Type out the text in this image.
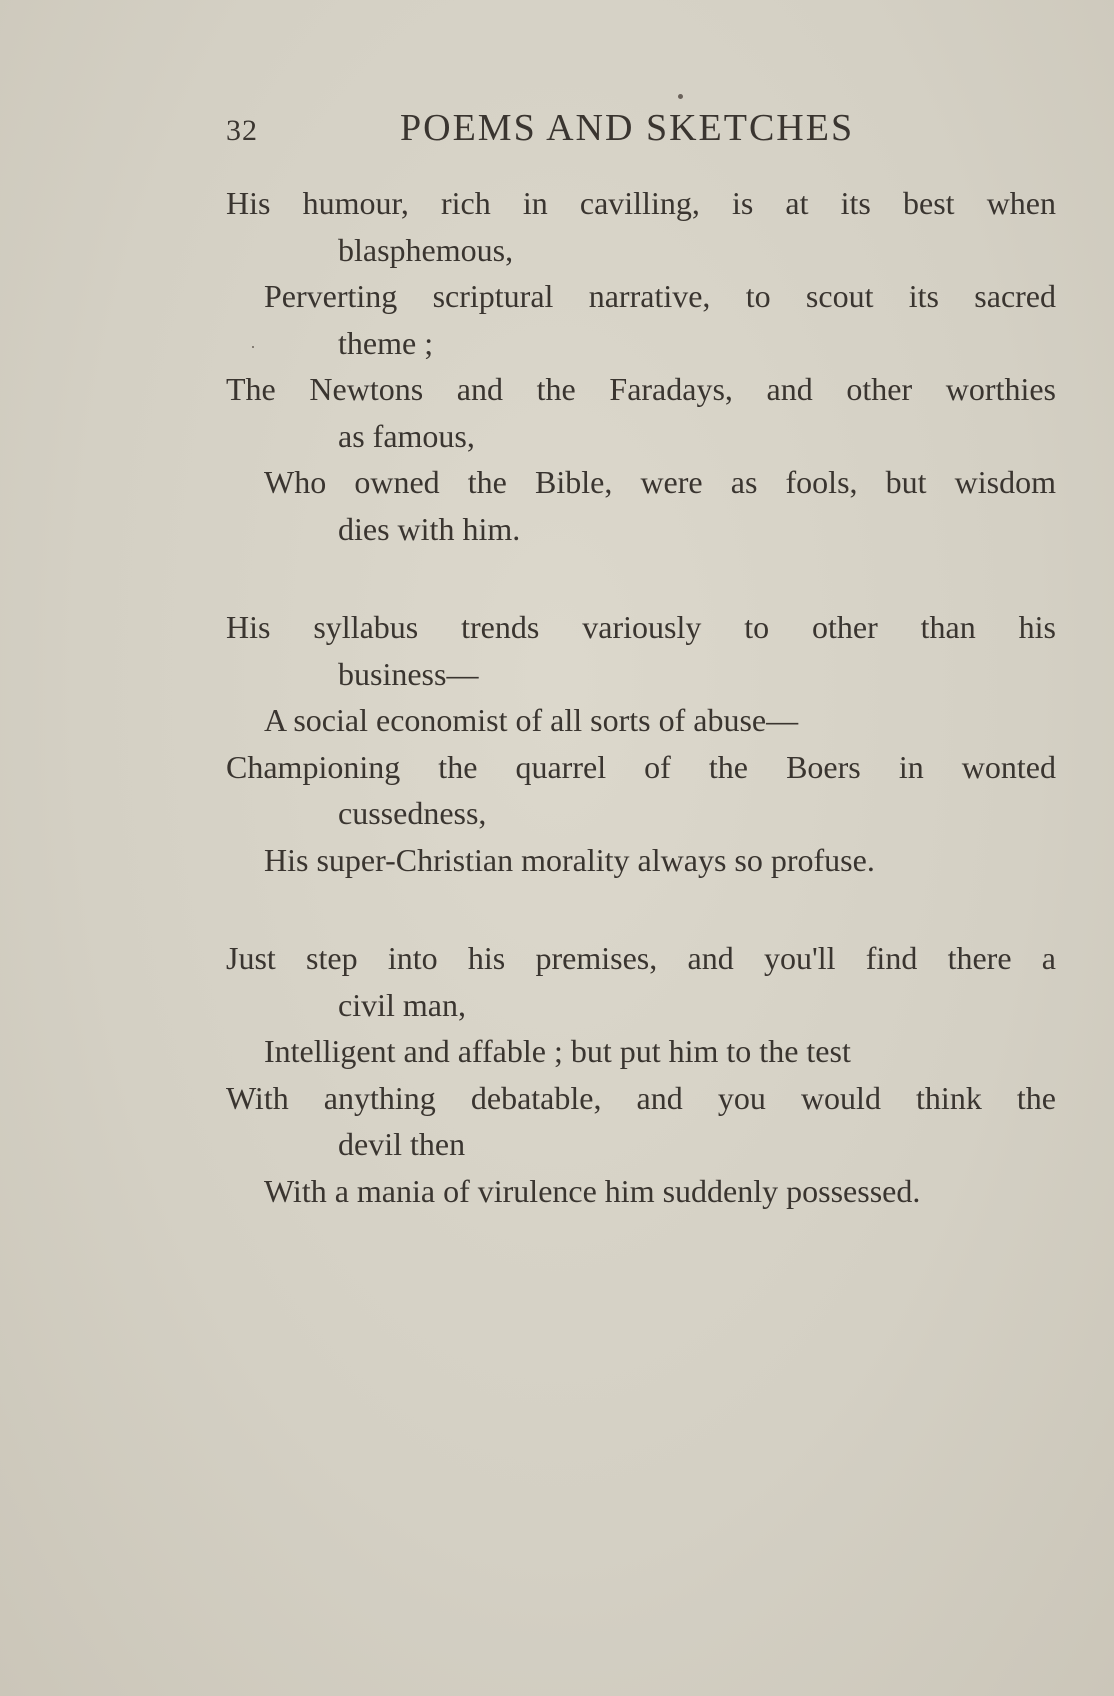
32	POEMS AND SKETCHES

His humour, rich in cavilling, is at its best when
blasphemous,

Perverting scriptural narrative, to scout its sacred
theme ;

The Newtons and the Faradays, and other worthies
as famous,

Who owned the Bible, were as fools, but wisdom
dies with him.

His syllabus trends variously to other than his
business—

A social economist of all sorts of abuse—

Championing the quarrel of the Boers in wonted
cussedness,

His super-Christian morality always so profuse.

Just step into his premises, and you'll find there a
civil man,

Intelligent and affable ; but put him to the test

With anything debatable, and you would think the
devil then

With a mania of virulence him suddenly possessed.
